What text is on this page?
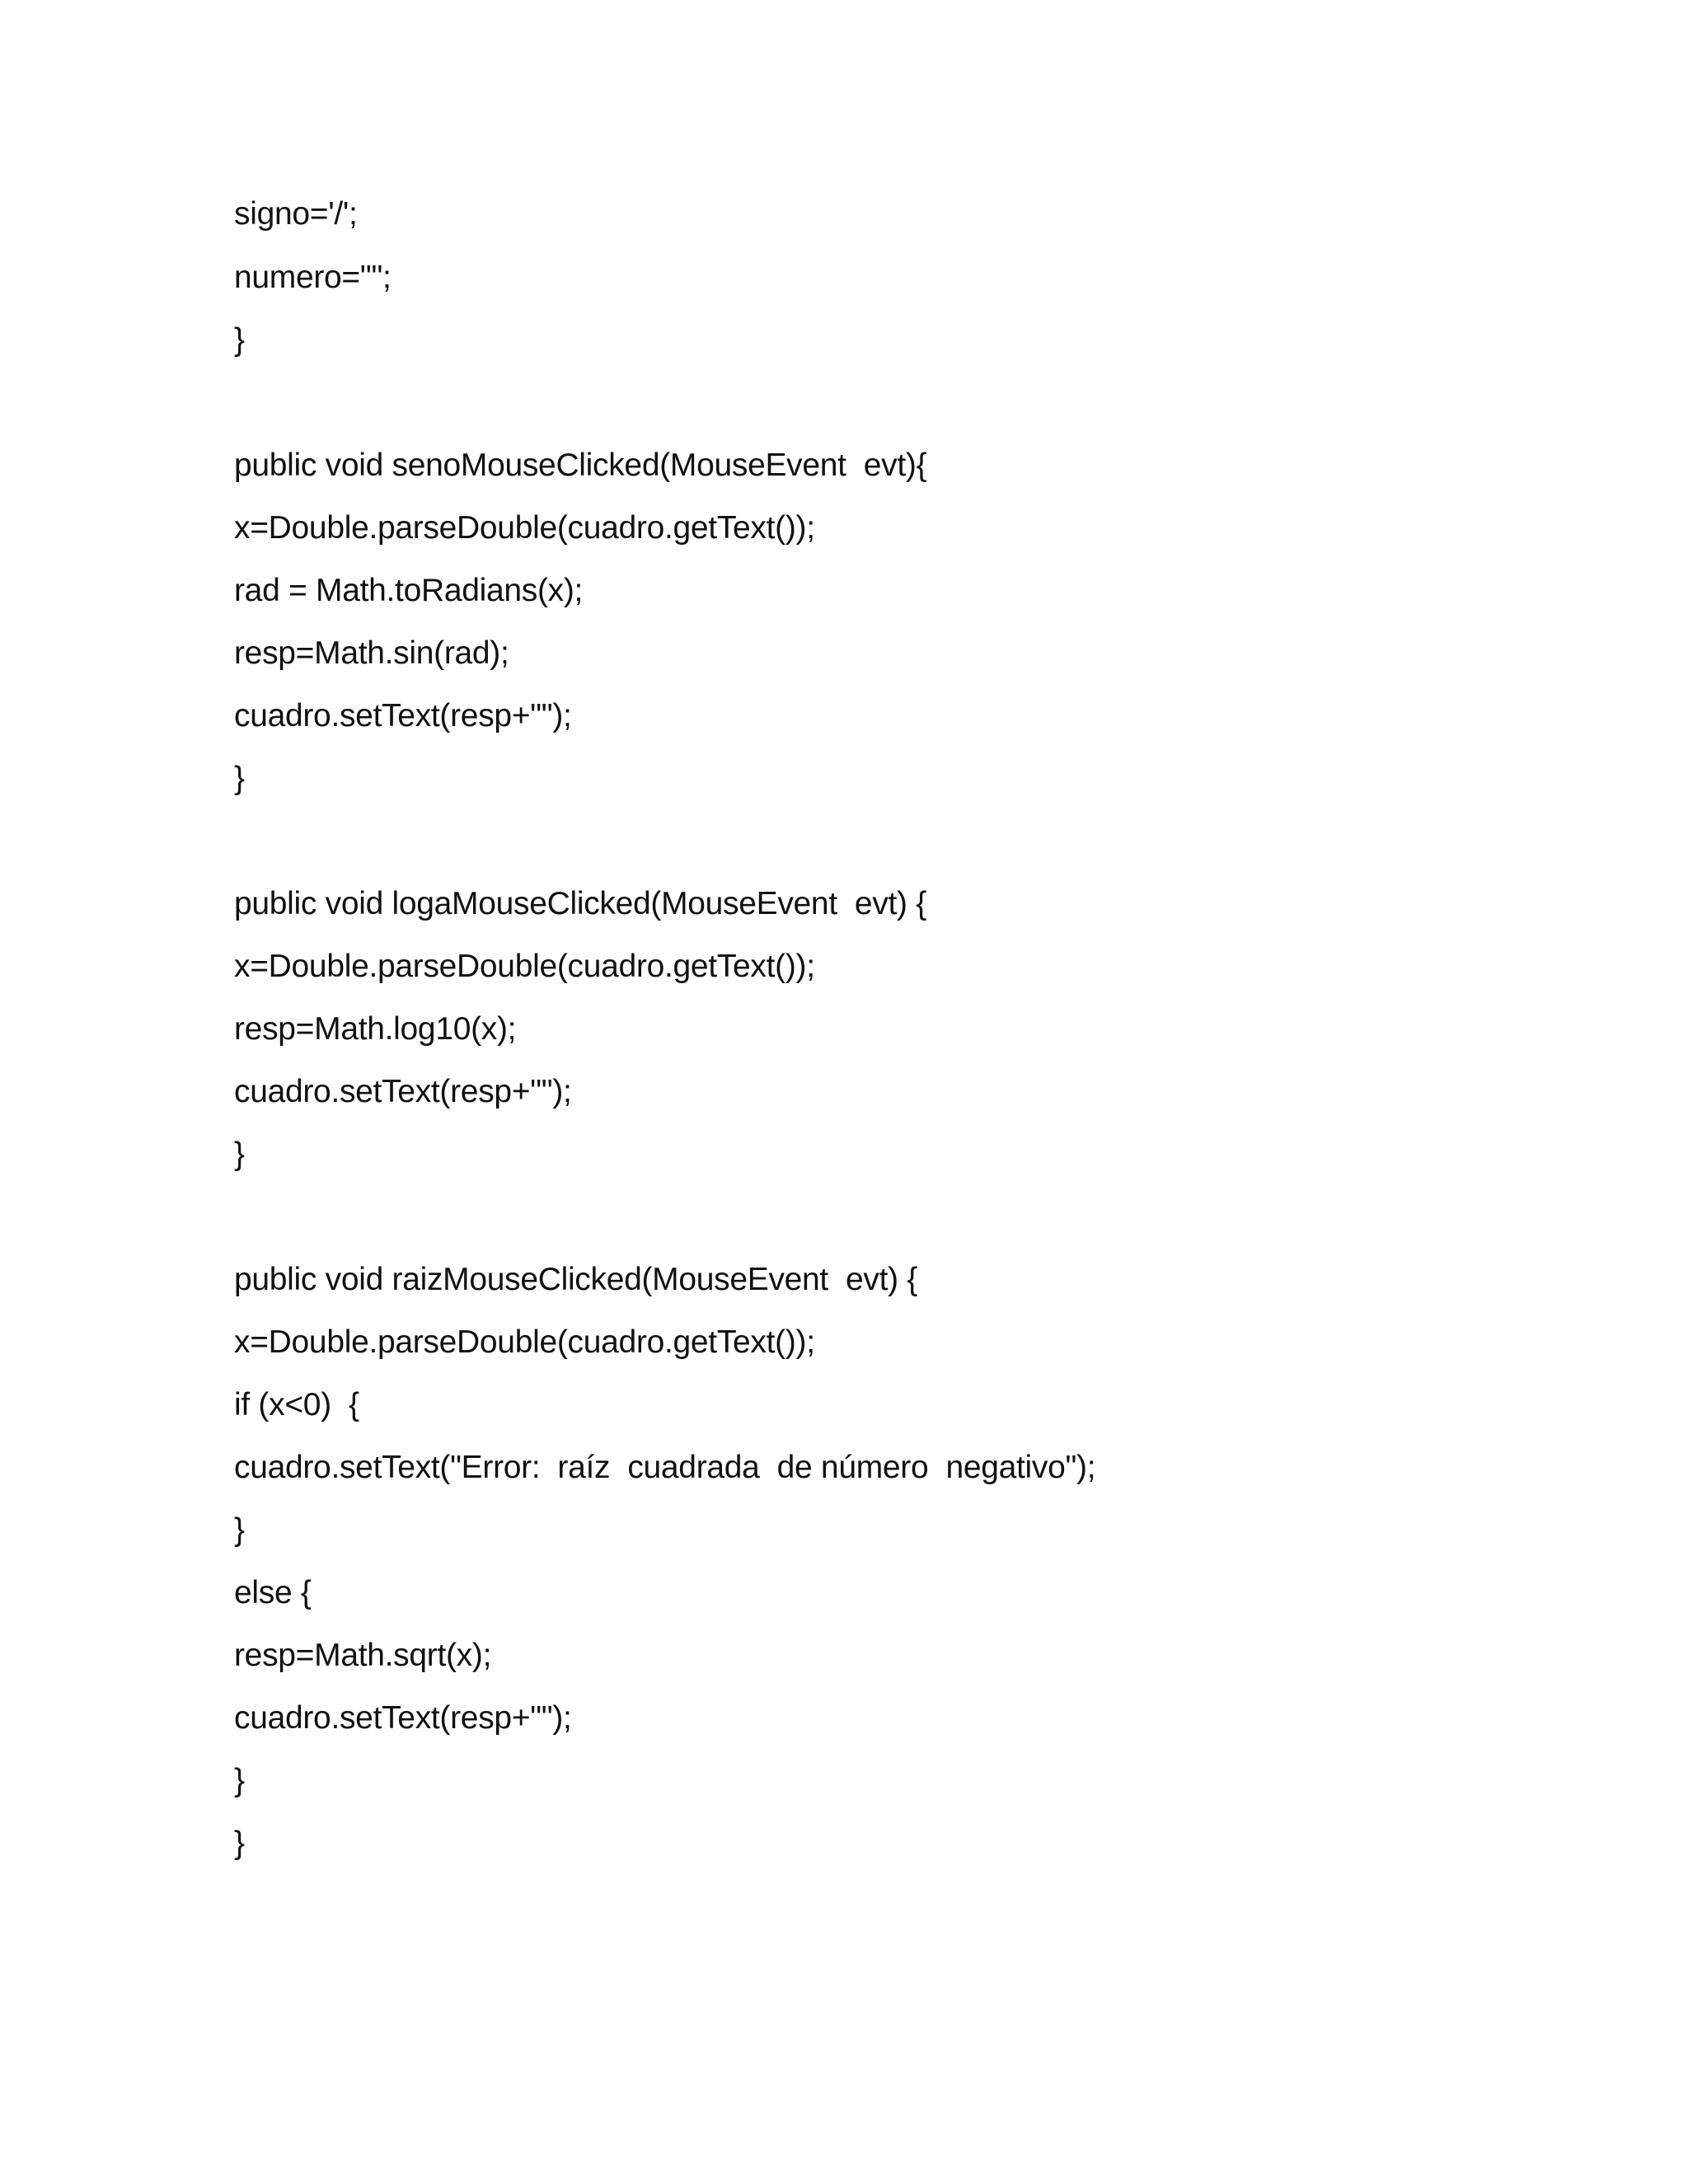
signo='/';

numero="";

}

public void senoMouseClicked(MouseEvent  evt){

x=Double.parseDouble(cuadro.getText());

rad = Math.toRadians(x);

resp=Math.sin(rad);

cuadro.setText(resp+"");

}

public void logaMouseClicked(MouseEvent  evt) {

x=Double.parseDouble(cuadro.getText());

resp=Math.log10(x);

cuadro.setText(resp+"");

}

public void raizMouseClicked(MouseEvent  evt) {

x=Double.parseDouble(cuadro.getText());

if (x<0)  {

cuadro.setText("Error:  raíz  cuadrada  de número  negativo");

}

else {

resp=Math.sqrt(x);

cuadro.setText(resp+"");

}

}
